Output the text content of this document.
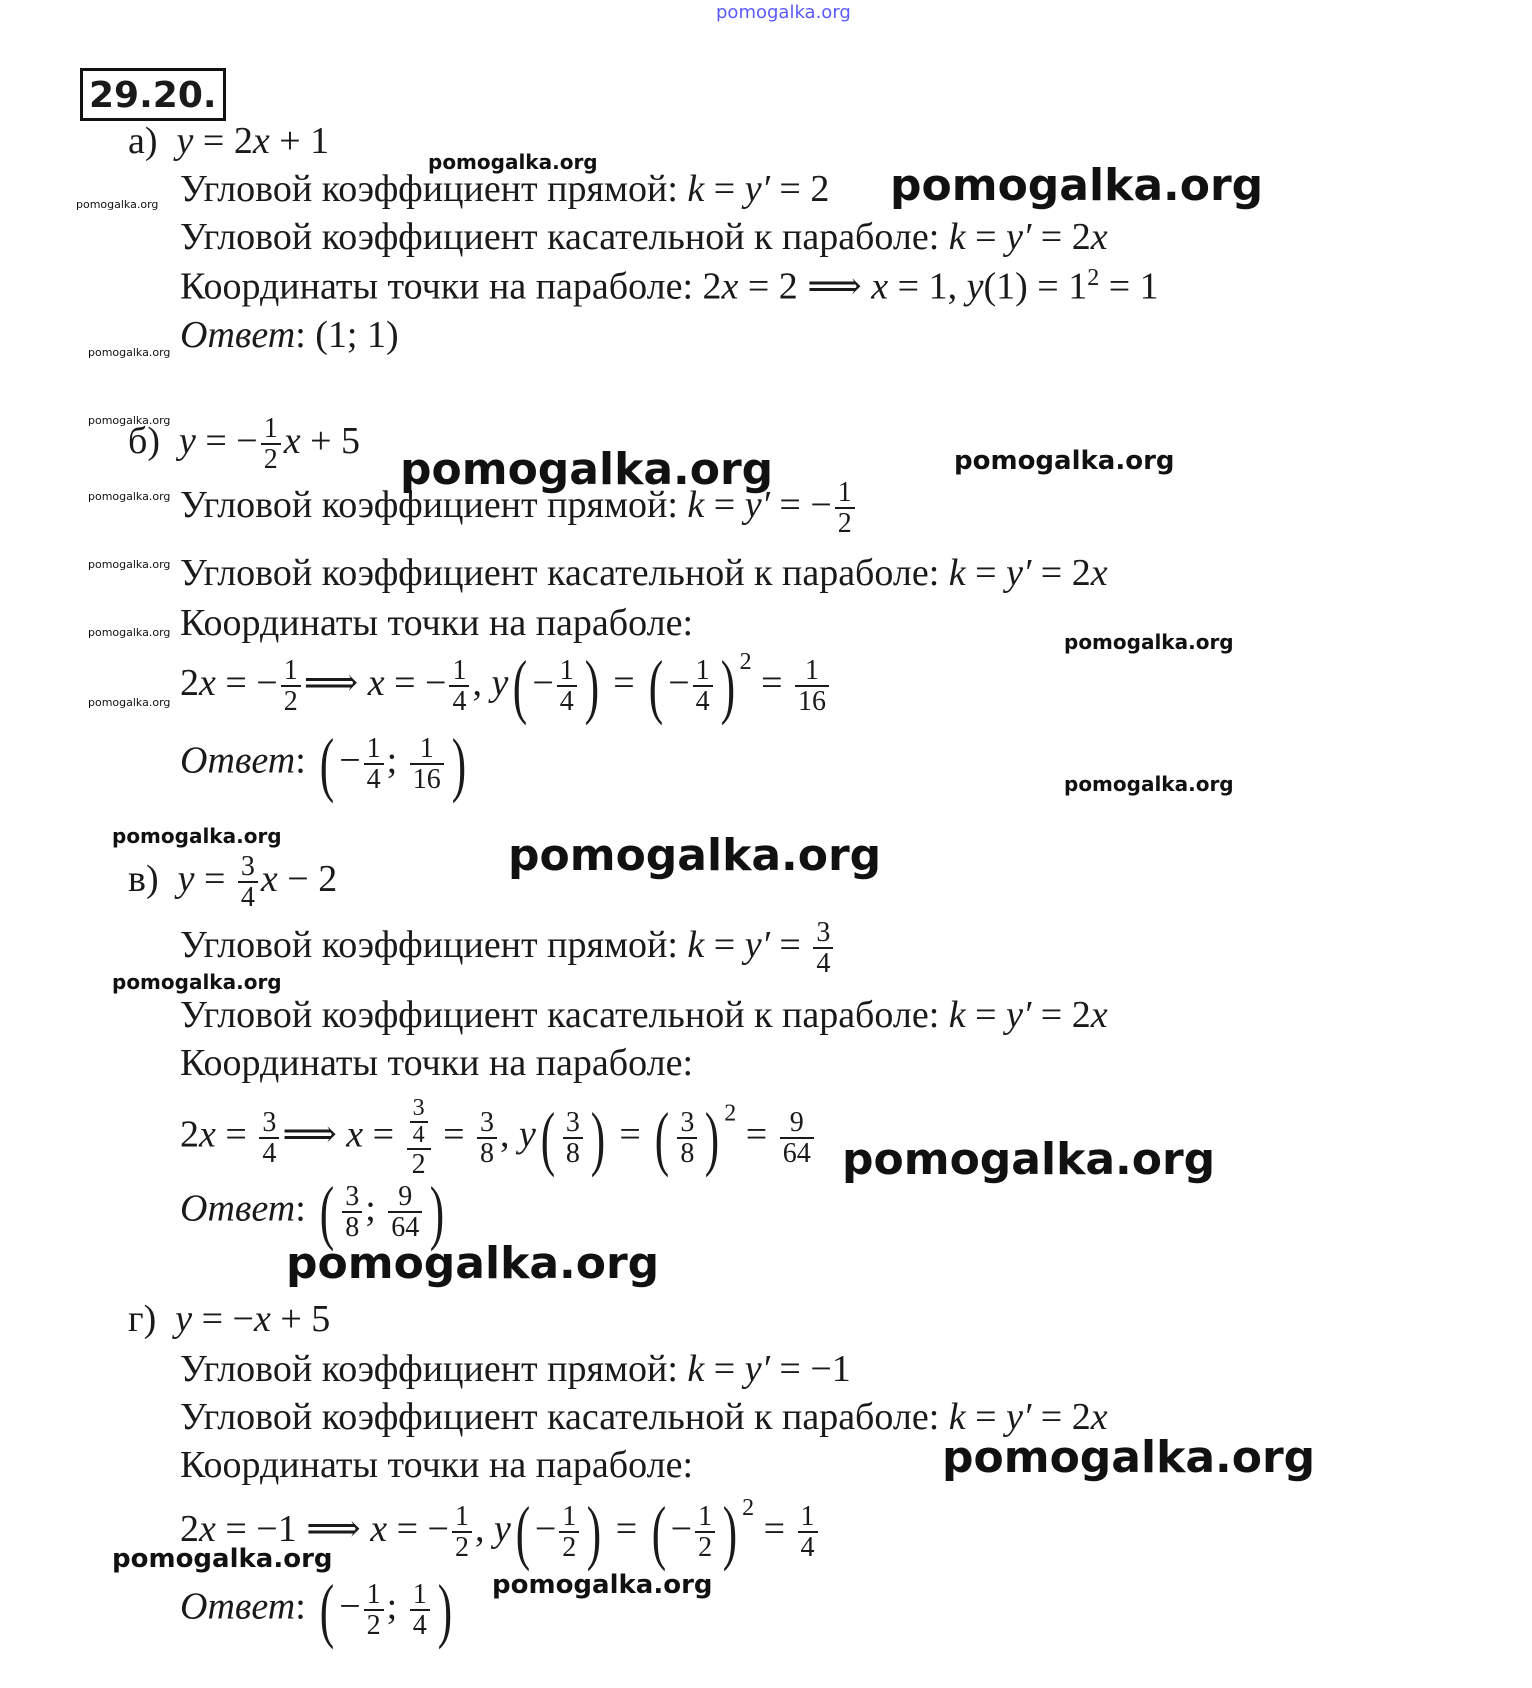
pomogalka.org
29.20.
а) y = 2x + 1
Угловой коэффициент прямой: k = y′ = 2
Угловой коэффициент касательной к параболе: k = y′ = 2x
Координаты точки на параболе: 2x = 2 ⟹ x = 1, $y(1) = 1^2 = 1$
Ответ: (1; 1)
б) y = − $\frac{1}{2}$ x + 5
Угловой коэффициент прямой: k = y′ = − $\frac{1}{2}$
Угловой коэффициент касательной к параболе: k = y′ = 2x
Координаты точки на параболе:
2x = − $\frac{1}{2}$ ⟹ x = − $\frac{1}{4}$ , $y( - \frac{1}{4}$ ) = ( − $\frac{1}{4}$ ) $^2 = \frac{1}{16}$
Ответ: ( − $\frac{1}{4}$ ; $\frac{1}{16}$ )
в) $y = \frac{3}{4}$ x − 2
Угловой коэффициент прямой: $k = y' = \frac{3}{4}$
Угловой коэффициент касательной к параболе: k = y′ = 2x
Координаты точки на параболе:
$2x = \frac{3}{4}$ ⟹ $x = \frac{\frac{3}{4}}{2} = \frac{3}{8}$ , $y( \frac{3}{8}$ ) = ( $\frac{3}{8}$ ) $^2 = \frac{9}{64}$
Ответ: ( $\frac{3}{8}$ ; $\frac{9}{64}$ )
г) y = −x + 5
Угловой коэффициент прямой: k = y′ = −1
Угловой коэффициент касательной к параболе: k = y′ = 2x
Координаты точки на параболе:
2x = −1 ⟹ x = − $\frac{1}{2}$ , $y( - \frac{1}{2}$ ) = ( − $\frac{1}{2}$ ) $^2 = \frac{1}{4}$
Ответ: ( − $\frac{1}{2}$ ; $\frac{1}{4}$ )
pomogalka.org	pomogalka.org
pomogalka.org
pomogalka.org
pomogalka.org
pomogalka.org	pomogalka.org
pomogalka.org
pomogalka.org
pomogalka.org	pomogalka.org
pomogalka.org
pomogalka.org
pomogalka.org	pomogalka.org
pomogalka.org
pomogalka.org
pomogalka.org
pomogalka.org
pomogalka.org
pomogalka.org
